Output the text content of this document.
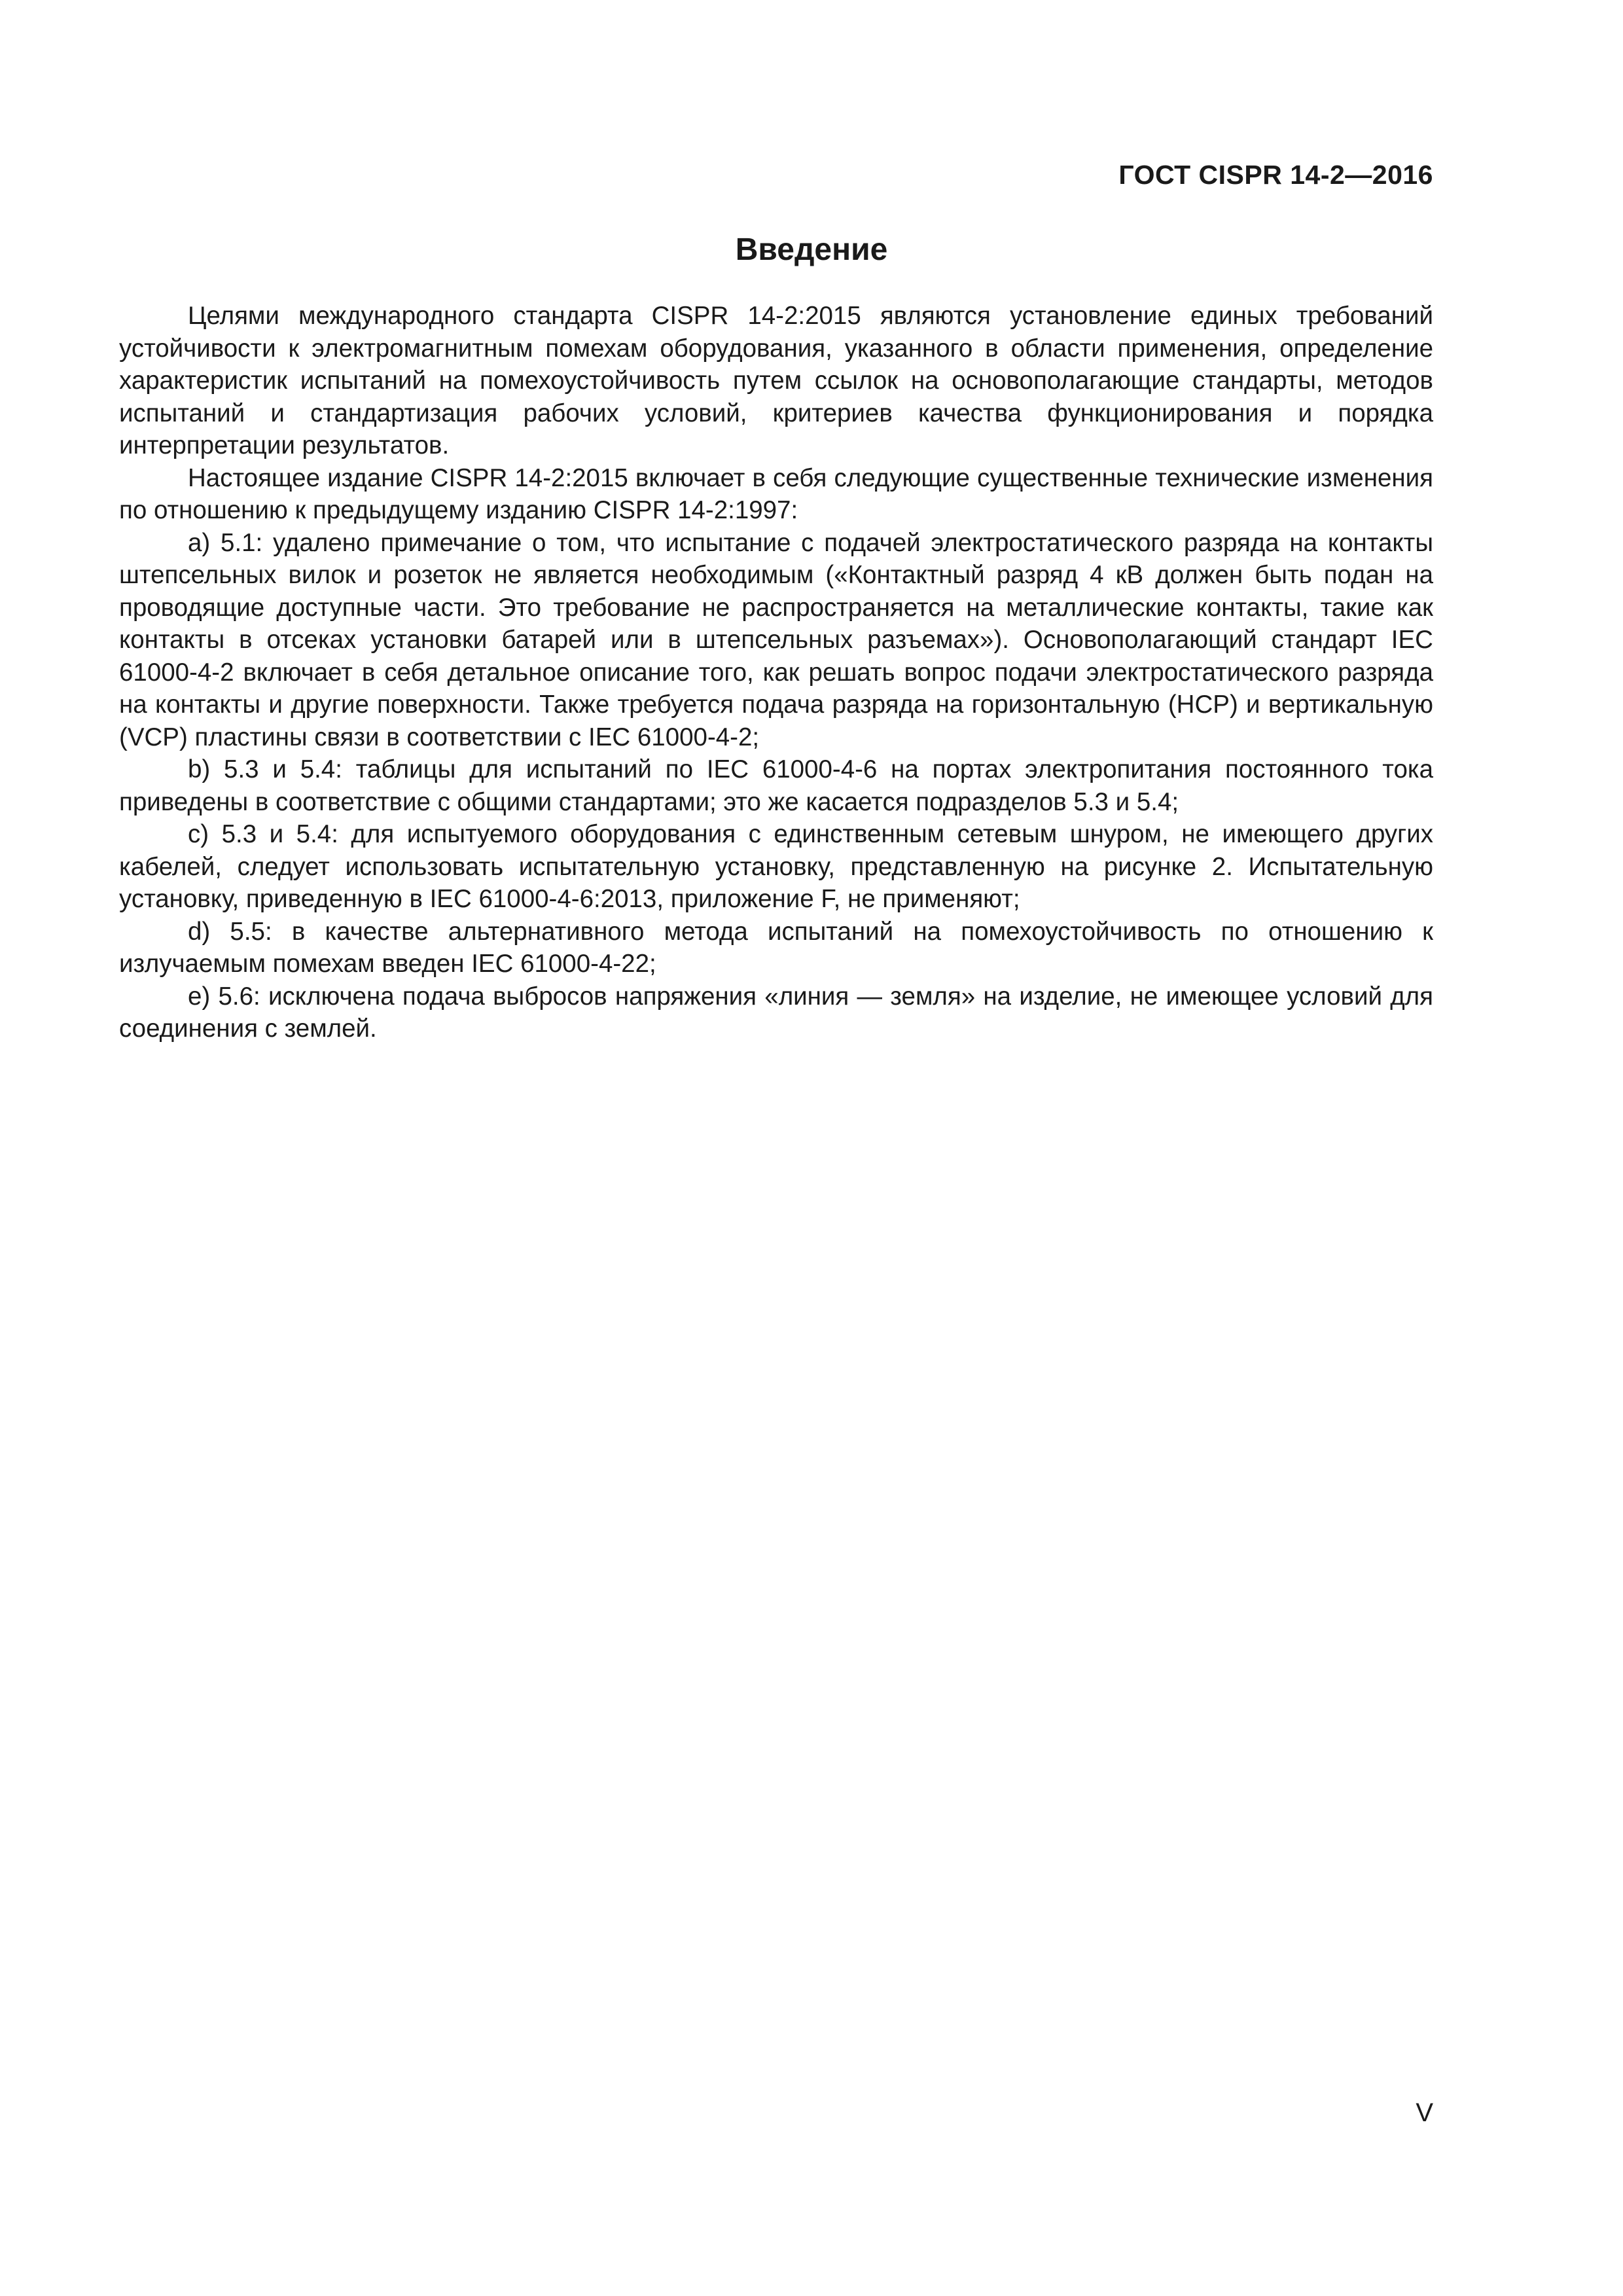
ГОСТ CISPR 14-2—2016

Введение

Целями международного стандарта CISPR 14-2:2015 являются установление единых требований устойчивости к электромагнитным помехам оборудования, указанного в области применения, определение характеристик испытаний на помехоустойчивость путем ссылок на основополагающие стандарты, методов испытаний и стандартизация рабочих условий, критериев качества функционирования и порядка интерпретации результатов.

Настоящее издание CISPR 14-2:2015 включает в себя следующие существенные технические изменения по отношению к предыдущему изданию CISPR 14-2:1997:

a) 5.1: удалено примечание о том, что испытание с подачей электростатического разряда на контакты штепсельных вилок и розеток не является необходимым («Контактный разряд 4 кВ должен быть подан на проводящие доступные части. Это требование не распространяется на металлические контакты, такие как контакты в отсеках установки батарей или в штепсельных разъемах»). Основополагающий стандарт IEC 61000-4-2 включает в себя детальное описание того, как решать вопрос подачи электростатического разряда на контакты и другие поверхности. Также требуется подача разряда на горизонтальную (HCP) и вертикальную (VCP) пластины связи в соответствии с IEC 61000-4-2;

b) 5.3 и 5.4: таблицы для испытаний по IEC 61000-4-6 на портах электропитания постоянного тока приведены в соответствие с общими стандартами; это же касается подразделов 5.3 и 5.4;

c) 5.3 и 5.4: для испытуемого оборудования с единственным сетевым шнуром, не имеющего других кабелей, следует использовать испытательную установку, представленную на рисунке 2. Испытательную установку, приведенную в IEC 61000-4-6:2013, приложение F, не применяют;

d) 5.5: в качестве альтернативного метода испытаний на помехоустойчивость по отношению к излучаемым помехам введен IEC 61000-4-22;

e) 5.6: исключена подача выбросов напряжения «линия — земля» на изделие, не имеющее условий для соединения с землей.

V
